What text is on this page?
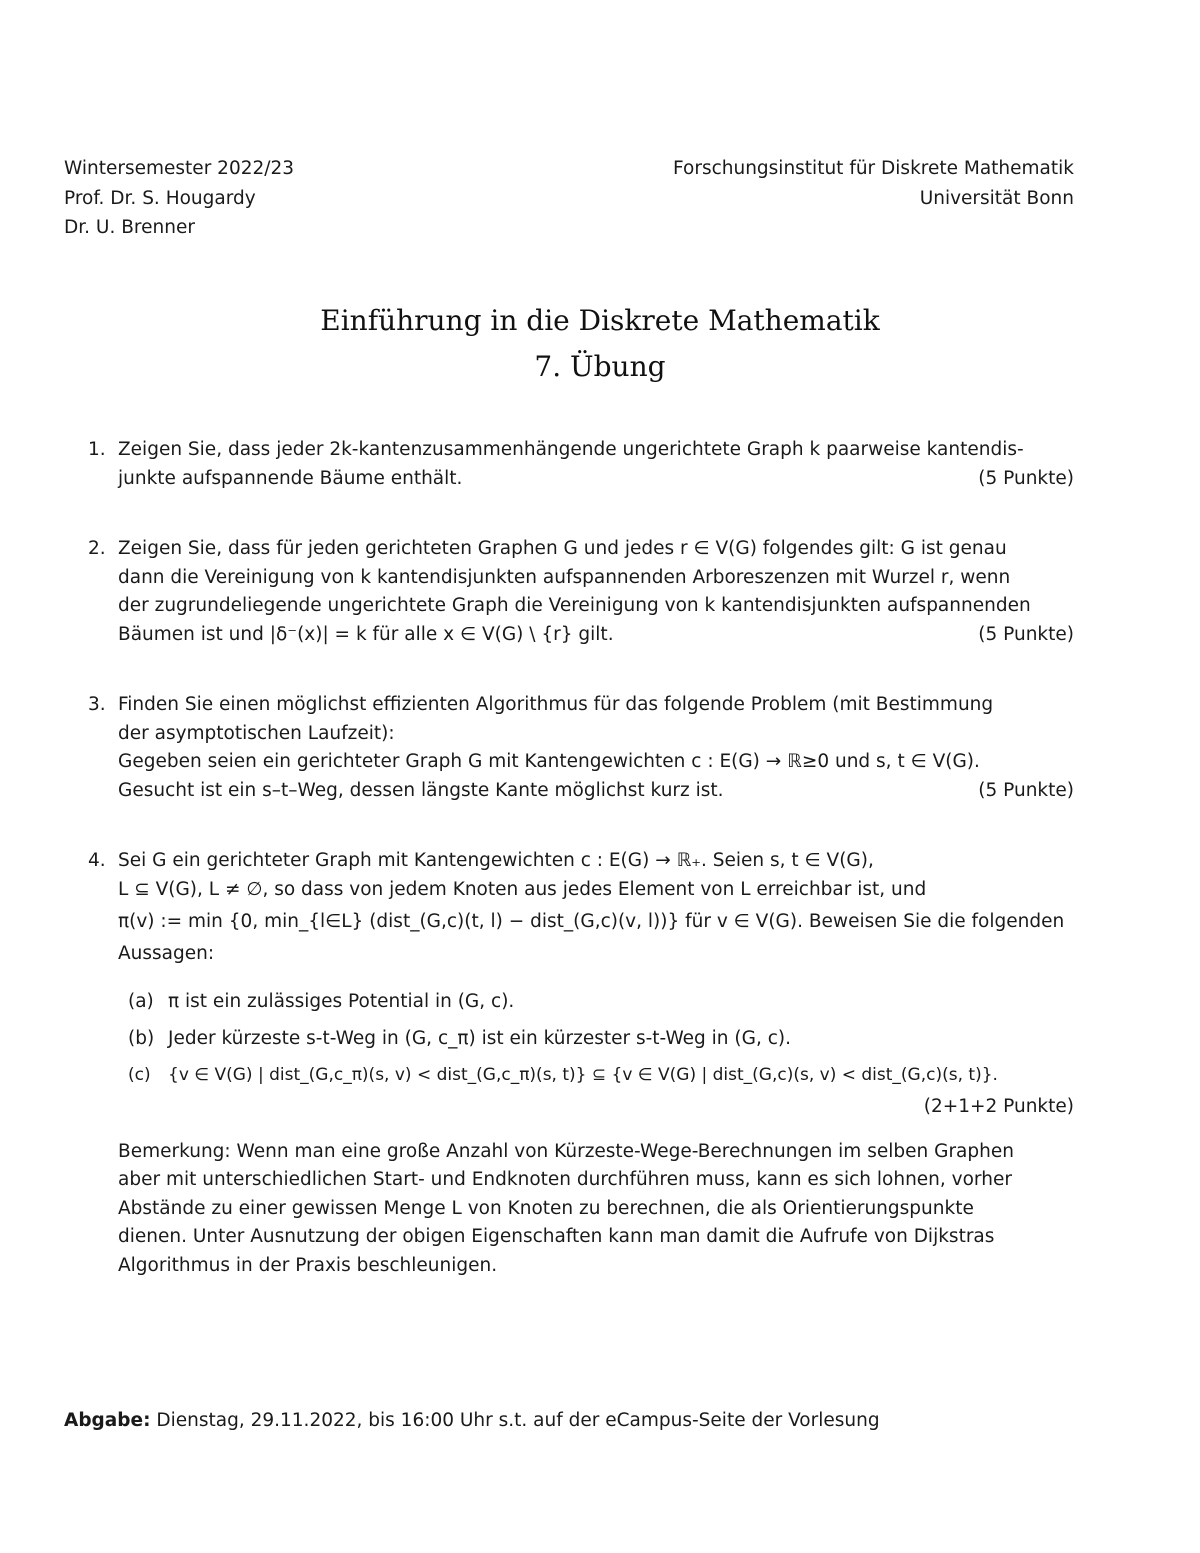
Wintersemester 2022/23
Prof. Dr. S. Hougardy
Dr. U. Brenner
Forschungsinstitut für Diskrete Mathematik
Universität Bonn
Einführung in die Diskrete Mathematik
7. Übung
1. Zeigen Sie, dass jeder 2k-kantenzusammenhängende ungerichtete Graph k paarweise kantendis-
junkte aufspannende Bäume enthält.	(5 Punkte)
2. Zeigen Sie, dass für jeden gerichteten Graphen G und jedes r ∈ V(G) folgendes gilt: G ist genau
dann die Vereinigung von k kantendisjunkten aufspannenden Arboreszenzen mit Wurzel r, wenn
der zugrundeliegende ungerichtete Graph die Vereinigung von k kantendisjunkten aufspannenden
Bäumen ist und |δ⁻(x)| = k für alle x ∈ V(G) \ {r} gilt.	(5 Punkte)
3. Finden Sie einen möglichst effizienten Algorithmus für das folgende Problem (mit Bestimmung
der asymptotischen Laufzeit):
Gegeben seien ein gerichteter Graph G mit Kantengewichten c : E(G) → ℝ≥0 und s, t ∈ V(G).
Gesucht ist ein s–t–Weg, dessen längste Kante möglichst kurz ist.	(5 Punkte)
4. Sei G ein gerichteter Graph mit Kantengewichten c : E(G) → ℝ₊. Seien s, t ∈ V(G),
L ⊆ V(G), L ≠ ∅, so dass von jedem Knoten aus jedes Element von L erreichbar ist, und
π(v) := min {0, min_{l∈L} (dist_(G,c)(t, l) − dist_(G,c)(v, l))} für v ∈ V(G). Beweisen Sie die folgenden
Aussagen:
(a) π ist ein zulässiges Potential in (G, c).
(b) Jeder kürzeste s-t-Weg in (G, c_π) ist ein kürzester s-t-Weg in (G, c).
(c) {v ∈ V(G) | dist_(G,c_π)(s, v) < dist_(G,c_π)(s, t)} ⊆ {v ∈ V(G) | dist_(G,c)(s, v) < dist_(G,c)(s, t)}.
(2+1+2 Punkte)
Bemerkung: Wenn man eine große Anzahl von Kürzeste-Wege-Berechnungen im selben Graphen
aber mit unterschiedlichen Start- und Endknoten durchführen muss, kann es sich lohnen, vorher
Abstände zu einer gewissen Menge L von Knoten zu berechnen, die als Orientierungspunkte
dienen. Unter Ausnutzung der obigen Eigenschaften kann man damit die Aufrufe von Dijkstras
Algorithmus in der Praxis beschleunigen.
Abgabe: Dienstag, 29.11.2022, bis 16:00 Uhr s.t. auf der eCampus-Seite der Vorlesung
